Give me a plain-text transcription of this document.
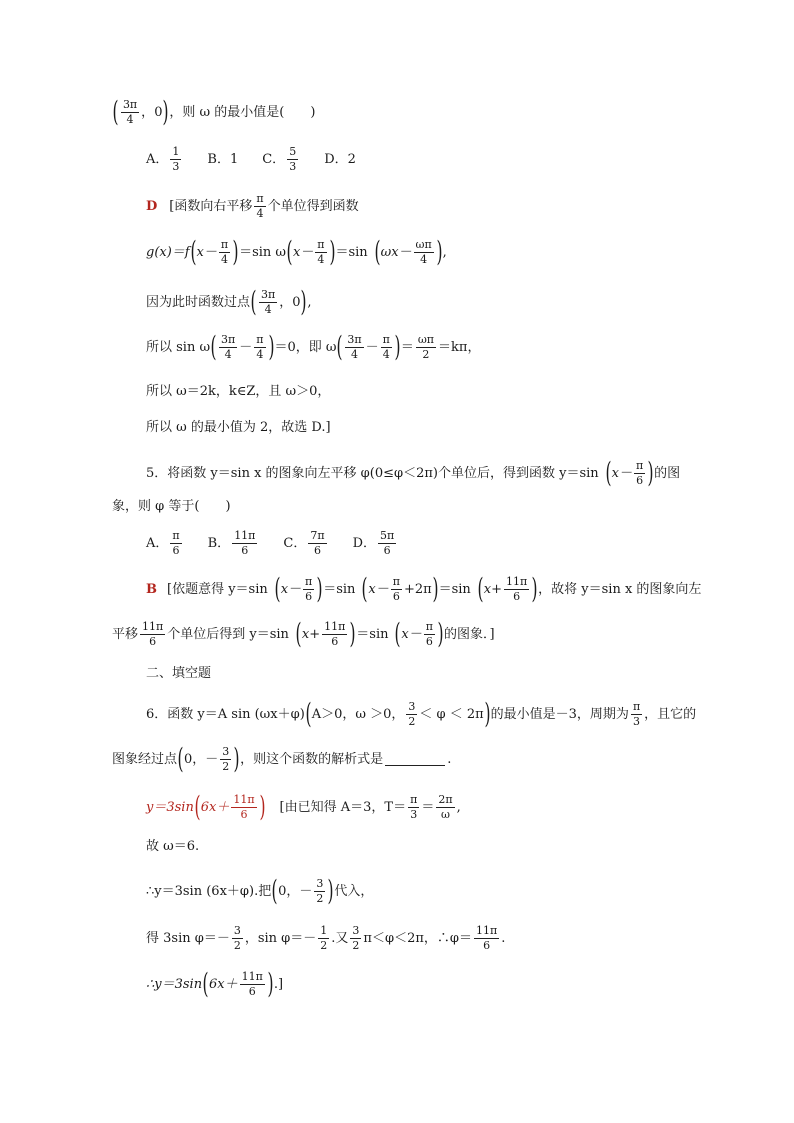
( $\frac{3\pi}{4}$ ， 0 ) ，则 ω 的最小值是(　　)
A． $\frac{1}{3}$ B． 1 C． $\frac{5}{3}$ D． 2
D [函数向右平移 $\frac{\pi}{4}$ 个单位得到函数
g(x)＝f ( $x- \frac{\pi}{4}$ ) ＝sin ω ( $x- \frac{\pi}{4}$ ) ＝sin ( $\omega x- \frac{\omega\pi}{4}$ ) ,
因为此时函数过点 ( $\frac{3\pi}{4}$ ，0 ) ,
所以 sin ω ( $\frac{3\pi}{4} - \frac{\pi}{4}$ ) ＝0，即 ω ( $\frac{3\pi}{4} - \frac{\pi}{4}$ ) ＝ $\frac{\omega\pi}{2} =k\pi$，
所以 ω＝2k，k∈Z，且 ω＞0，
所以 ω 的最小值为 2，故选 D.]
5．将函数 y＝sin x 的图象向左平移 φ(0≤φ＜2π)个单位后，得到函数 y＝sin ( $x- \frac{\pi}{6}$ ) 的图
象，则 φ 等于(　　)
A． $\frac{\pi}{6}$ B． $\frac{11\pi}{6}$ C． $\frac{7\pi}{6}$ D． $\frac{5\pi}{6}$
B [依题意得 y＝sin ( $x- \frac{\pi}{6}$ ) ＝sin ( $x- \frac{\pi}{6} +2\pi$ ) ＝sin ( $x+ \frac{11\pi}{6}$ ) ，故将 y＝sin x 的图象向左
平移 $\frac{11\pi}{6}$ 个单位后得到 y＝sin ( $x+ \frac{11\pi}{6}$ ) ＝sin ( $x- \frac{\pi}{6}$ ) 的图象．]
二、填空题
6．函数 y＝A sin (ωx＋φ) ( A＞0，ω ＞0， $\frac{3}{2} < \varphi < 2\pi$ ) 的最小值是－3，周期为 $\frac{\pi}{3}$ ，且它的
图象经过点 ( 0，－ $\frac{3}{2}$ ) ，则这个函数的解析式是	.
y＝3sin ( $6x+ \frac{11\pi}{6}$ ) [由已知得 A＝3，$T= \frac{\pi}{3} = \frac{2\pi}{\omega}$ ,
故 ω＝6.
∴y＝3sin (6x＋φ).把 ( 0，－ $\frac{3}{2}$ ) 代入，
得 3sin $\varphi=- \frac{3}{2}$ ，$\sin \varphi=- \frac{1}{2}$ .又 $\frac{3}{2} \pi<\varphi<2\pi$，∴φ＝ $\frac{11\pi}{6}$ .
∴y＝3sin ( $6x+ \frac{11\pi}{6}$ ) .]
